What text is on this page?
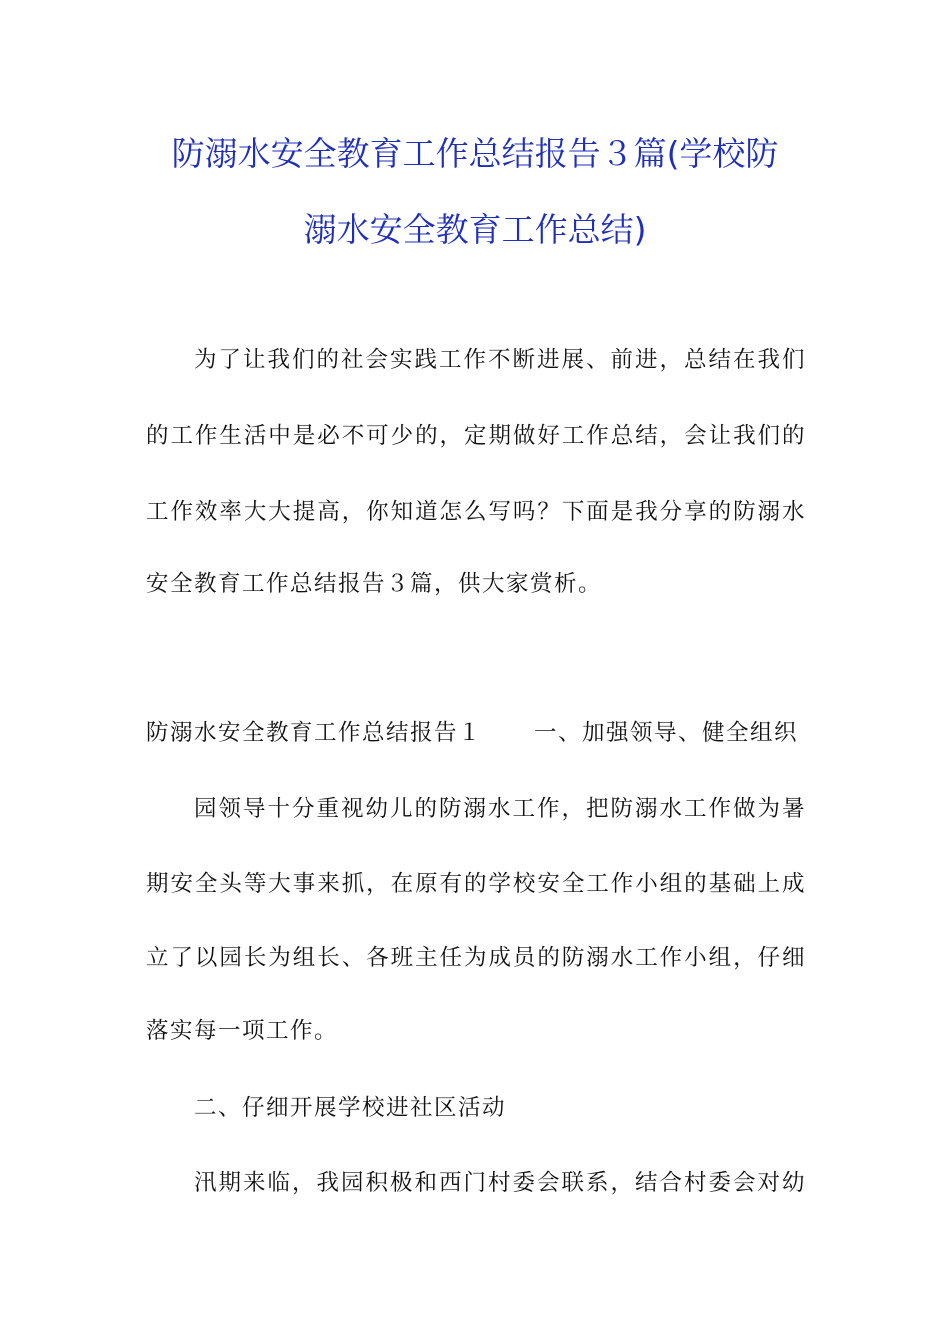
防溺水安全教育工作总结报告３篇(学校防
溺水安全教育工作总结)

为了让我们的社会实践工作不断进展、前进，总结在我们

的工作生活中是必不可少的，定期做好工作总结，会让我们的

工作效率大大提高，你知道怎么写吗？下面是我分享的防溺水

安全教育工作总结报告３篇，供大家赏析。

防溺水安全教育工作总结报告１ 一、加强领导、健全组织

园领导十分重视幼儿的防溺水工作，把防溺水工作做为暑

期安全头等大事来抓，在原有的学校安全工作小组的基础上成

立了以园长为组长、各班主任为成员的防溺水工作小组，仔细

落实每一项工作。

二、仔细开展学校进社区活动

汛期来临，我园积极和西门村委会联系，结合村委会对幼
